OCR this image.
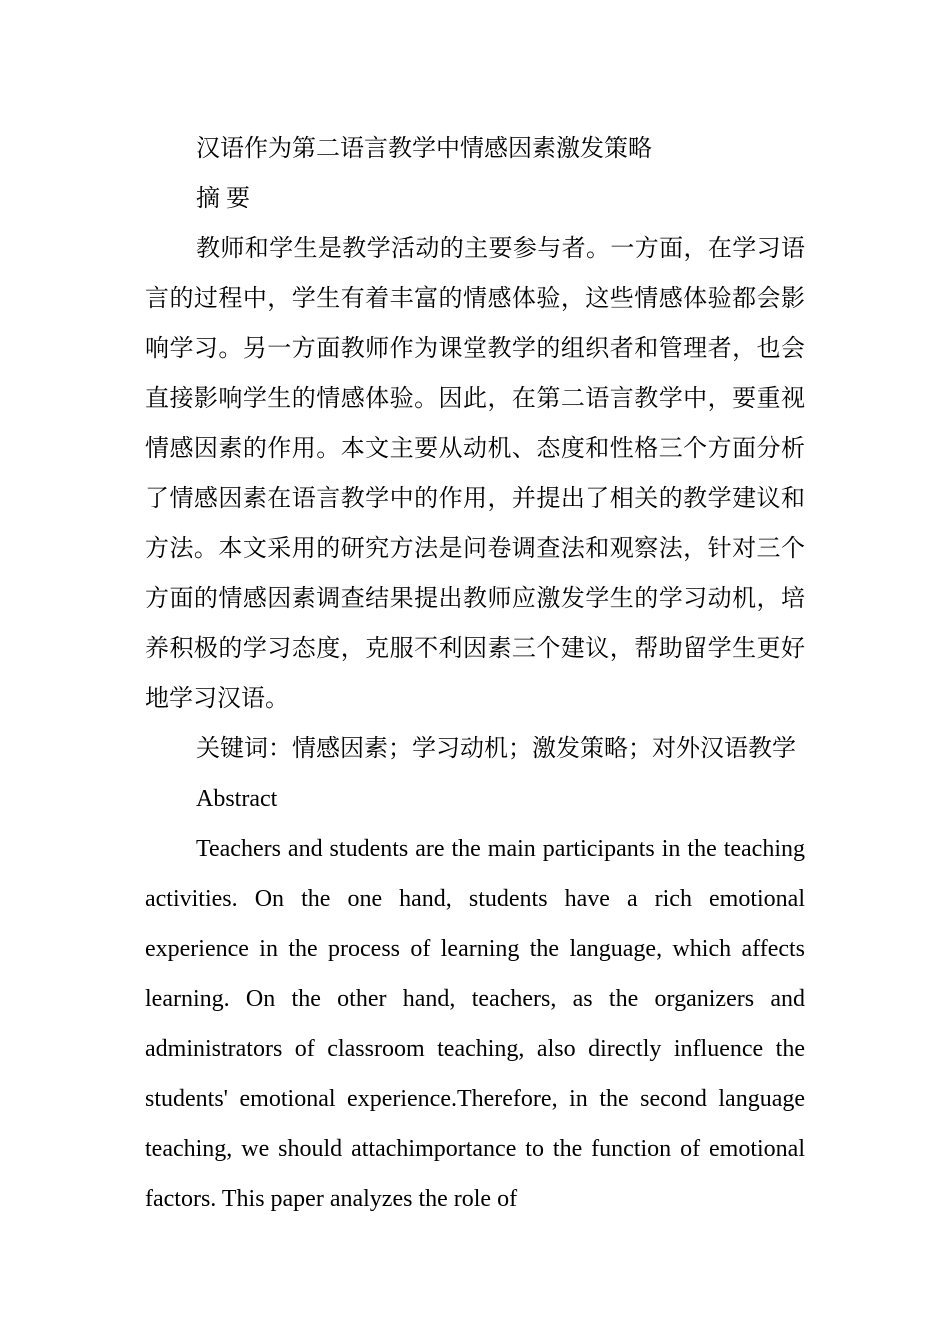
汉语作为第二语言教学中情感因素激发策略

摘 要

教师和学生是教学活动的主要参与者。一方面，在学习语言的过程中，学生有着丰富的情感体验，这些情感体验都会影响学习。另一方面教师作为课堂教学的组织者和管理者，也会直接影响学生的情感体验。因此，在第二语言教学中，要重视情感因素的作用。本文主要从动机、态度和性格三个方面分析了情感因素在语言教学中的作用，并提出了相关的教学建议和方法。本文采用的研究方法是问卷调查法和观察法，针对三个方面的情感因素调查结果提出教师应激发学生的学习动机，培养积极的学习态度，克服不利因素三个建议，帮助留学生更好地学习汉语。

关键词：情感因素；学习动机；激发策略；对外汉语教学

Abstract

Teachers and students are the main participants in the teaching activities. On the one hand, students have a rich emotional experience in the process of learning the language, which affects learning. On the other hand, teachers, as the organizers and administrators of classroom teaching, also directly influence the students' emotional experience.Therefore, in the second language teaching, we should attachimportance to the function of emotional factors. This paper analyzes the role of
